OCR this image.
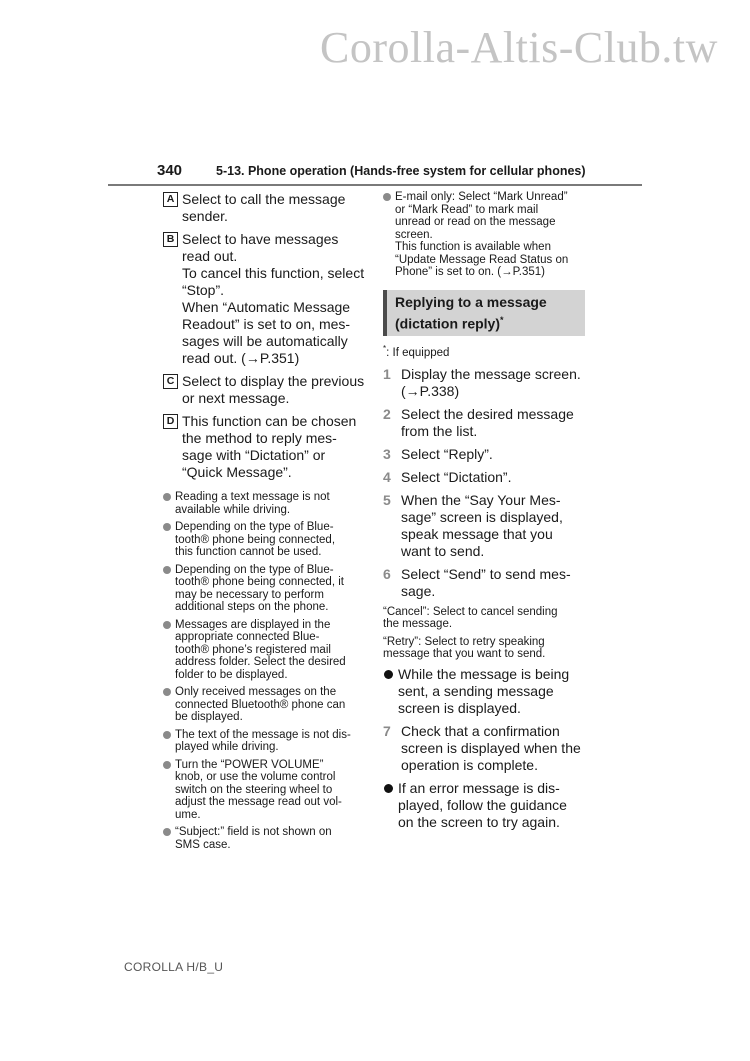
Corolla-Altis-Club.tw
340	5-13. Phone operation (Hands-free system for cellular phones)
A Select to call the message
sender.
B Select to have messages
read out.
To cancel this function, select
“Stop”.
When “Automatic Message
Readout” is set to on, mes-
sages will be automatically
read out. (→P.351)
C Select to display the previous
or next message.
D This function can be chosen
the method to reply mes-
sage with “Dictation” or
“Quick Message”.
Reading a text message is not
available while driving.
Depending on the type of Blue-
tooth® phone being connected,
this function cannot be used.
Depending on the type of Blue-
tooth® phone being connected, it
may be necessary to perform
additional steps on the phone.
Messages are displayed in the
appropriate connected Blue-
tooth® phone’s registered mail
address folder. Select the desired
folder to be displayed.
Only received messages on the
connected Bluetooth® phone can
be displayed.
The text of the message is not dis-
played while driving.
Turn the “POWER VOLUME”
knob, or use the volume control
switch on the steering wheel to
adjust the message read out vol-
ume.
“Subject:” field is not shown on
SMS case.
E-mail only: Select “Mark Unread”
or “Mark Read” to mark mail
unread or read on the message
screen.
This function is available when
“Update Message Read Status on
Phone” is set to on. (→P.351)
Replying to a message
(dictation reply)*
*: If equipped
1 Display the message screen.
(→P.338)
2 Select the desired message
from the list.
3 Select “Reply”.
4 Select “Dictation”.
5 When the “Say Your Mes-
sage” screen is displayed,
speak message that you
want to send.
6 Select “Send” to send mes-
sage.
“Cancel”: Select to cancel sending
the message.
“Retry”: Select to retry speaking
message that you want to send.
While the message is being
sent, a sending message
screen is displayed.
7 Check that a confirmation
screen is displayed when the
operation is complete.
If an error message is dis-
played, follow the guidance
on the screen to try again.
COROLLA H/B_U
